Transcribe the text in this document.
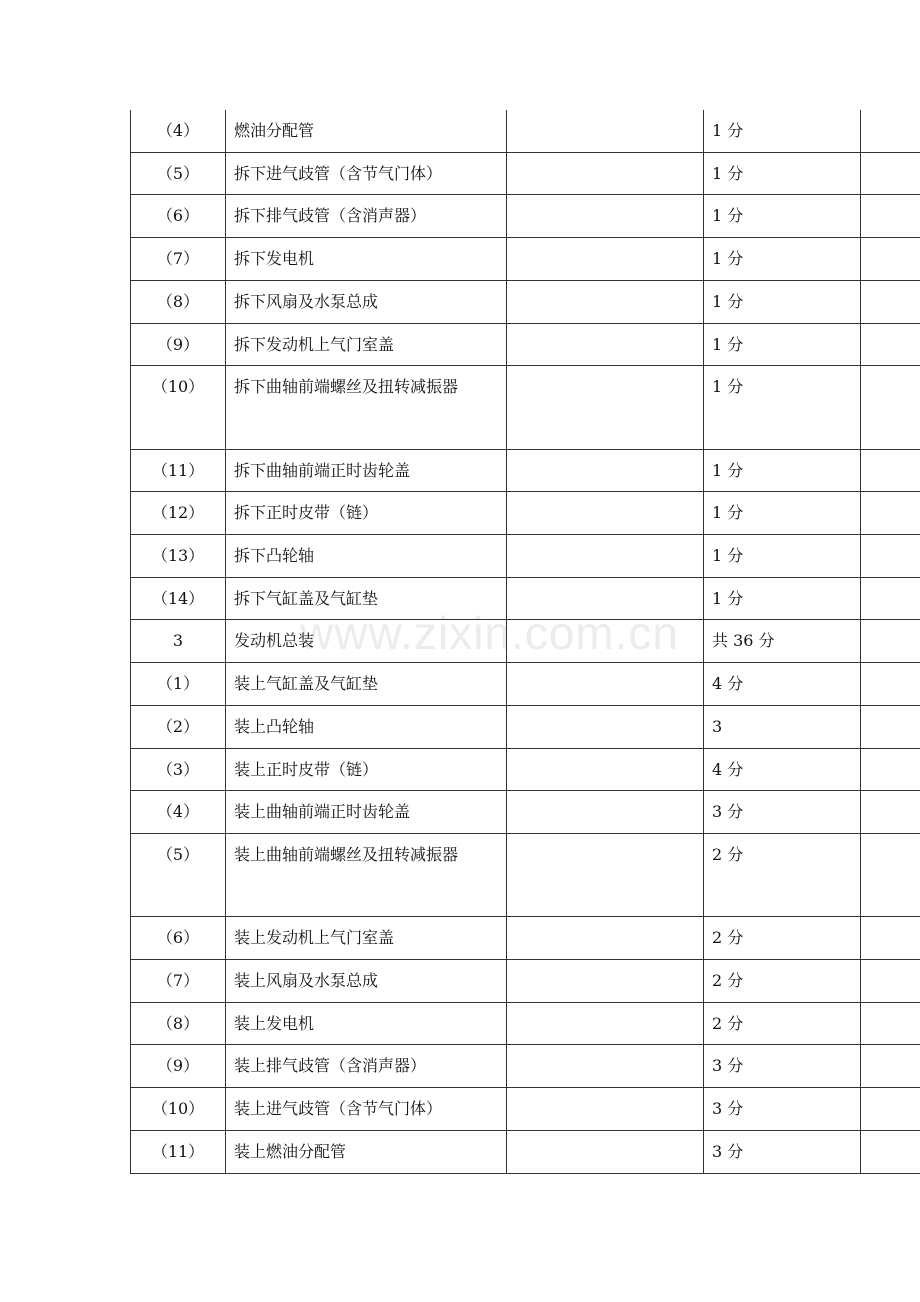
www.zixin.com.cn
（4）	燃油分配管		1 分	
（5）	拆下进气歧管（含节气门体）		1 分	
（6）	拆下排气歧管（含消声器）		1 分	
（7）	拆下发电机		1 分	
（8）	拆下风扇及水泵总成		1 分	
（9）	拆下发动机上气门室盖		1 分	
（10）	拆下曲轴前端螺丝及扭转减振器		1 分	
（11）	拆下曲轴前端正时齿轮盖		1 分	
（12）	拆下正时皮带（链）		1 分	
（13）	拆下凸轮轴		1 分	
（14）	拆下气缸盖及气缸垫		1 分	
3	发动机总装		共 36 分	
（1）	装上气缸盖及气缸垫		4 分	
（2）	装上凸轮轴		3	
（3）	装上正时皮带（链）		4 分	
（4）	装上曲轴前端正时齿轮盖		3 分	
（5）	装上曲轴前端螺丝及扭转减振器		2 分	
（6）	装上发动机上气门室盖		2 分	
（7）	装上风扇及水泵总成		2 分	
（8）	装上发电机		2 分	
（9）	装上排气歧管（含消声器）		3 分	
（10）	装上进气歧管（含节气门体）		3 分	
（11）	装上燃油分配管		3 分	
